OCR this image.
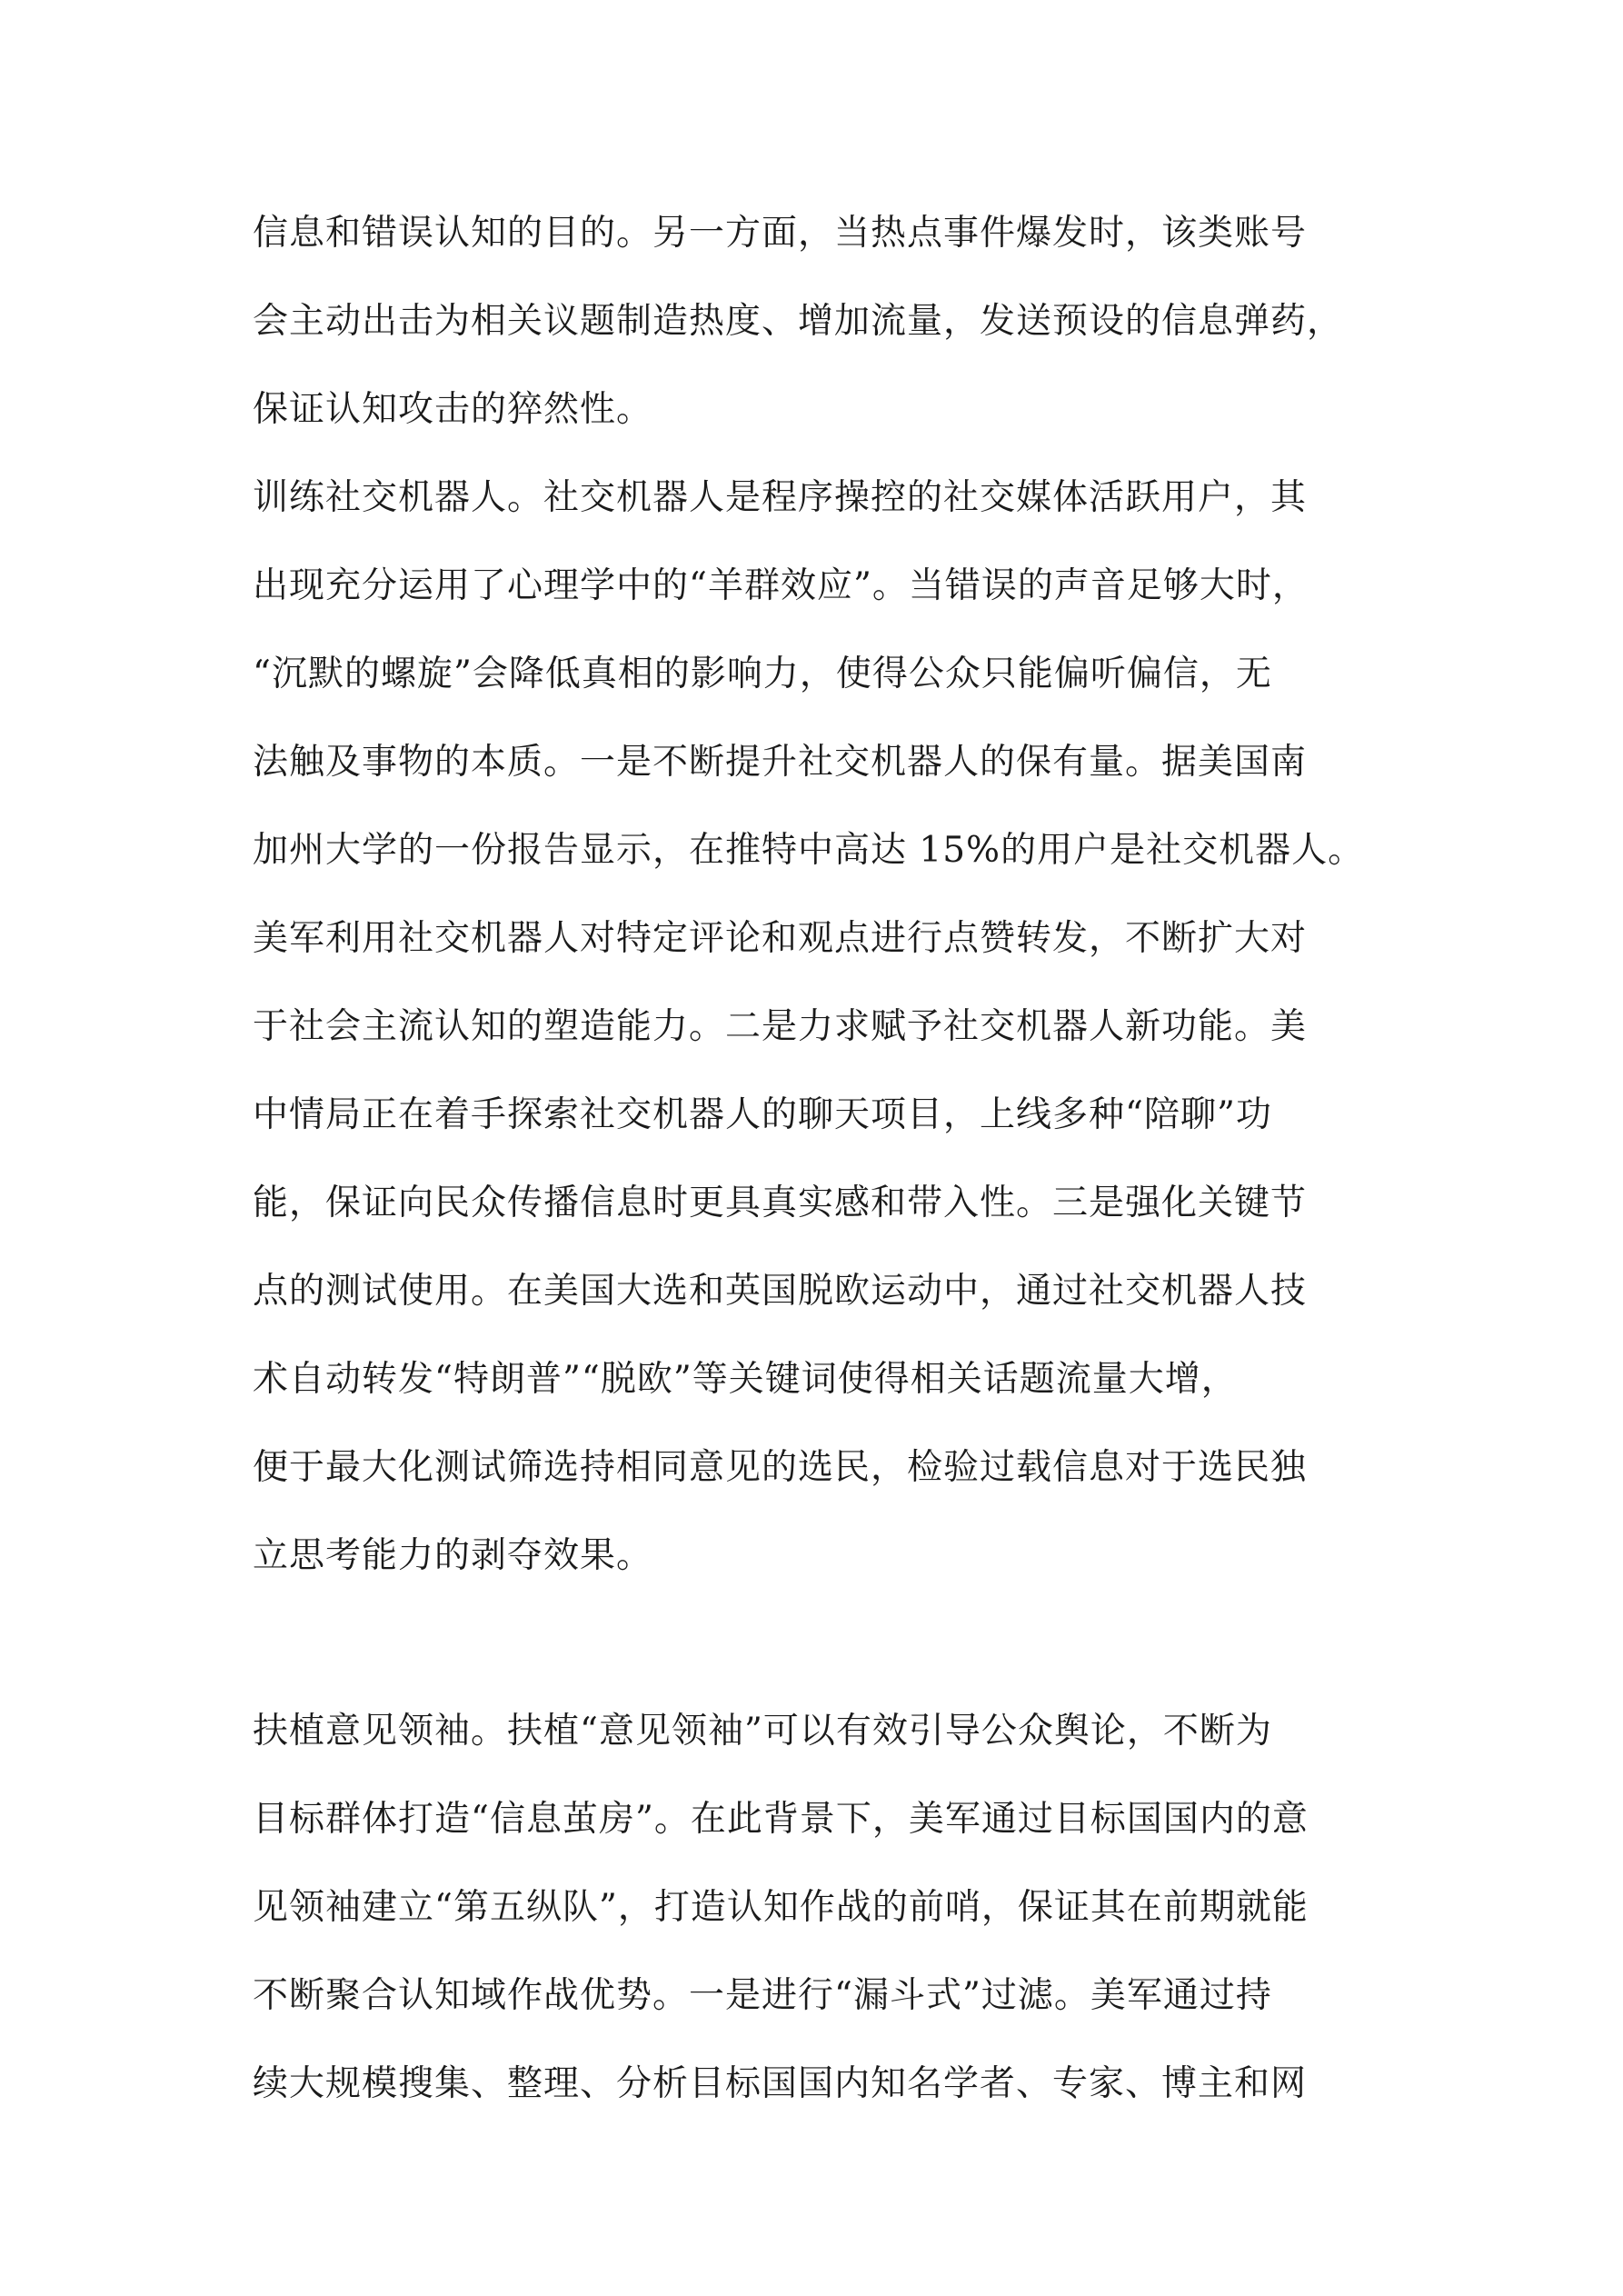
信息和错误认知的目的。另一方面，当热点事件爆发时，该类账号
会主动出击为相关议题制造热度、增加流量，发送预设的信息弹药，
保证认知攻击的猝然性。
训练社交机器人。社交机器人是程序操控的社交媒体活跃用户，其
出现充分运用了心理学中的“羊群效应”。当错误的声音足够大时，
“沉默的螺旋”会降低真相的影响力，使得公众只能偏听偏信，无
法触及事物的本质。一是不断提升社交机器人的保有量。据美国南
加州大学的一份报告显示，在推特中高达 15%的用户是社交机器人。
美军利用社交机器人对特定评论和观点进行点赞转发，不断扩大对
于社会主流认知的塑造能力。二是力求赋予社交机器人新功能。美
中情局正在着手探索社交机器人的聊天项目，上线多种“陪聊”功
能，保证向民众传播信息时更具真实感和带入性。三是强化关键节
点的测试使用。在美国大选和英国脱欧运动中，通过社交机器人技
术自动转发“特朗普”“脱欧”等关键词使得相关话题流量大增，
便于最大化测试筛选持相同意见的选民，检验过载信息对于选民独
立思考能力的剥夺效果。
扶植意见领袖。扶植“意见领袖”可以有效引导公众舆论，不断为
目标群体打造“信息茧房”。在此背景下，美军通过目标国国内的意
见领袖建立“第五纵队”，打造认知作战的前哨，保证其在前期就能
不断聚合认知域作战优势。一是进行“漏斗式”过滤。美军通过持
续大规模搜集、整理、分析目标国国内知名学者、专家、博主和网
